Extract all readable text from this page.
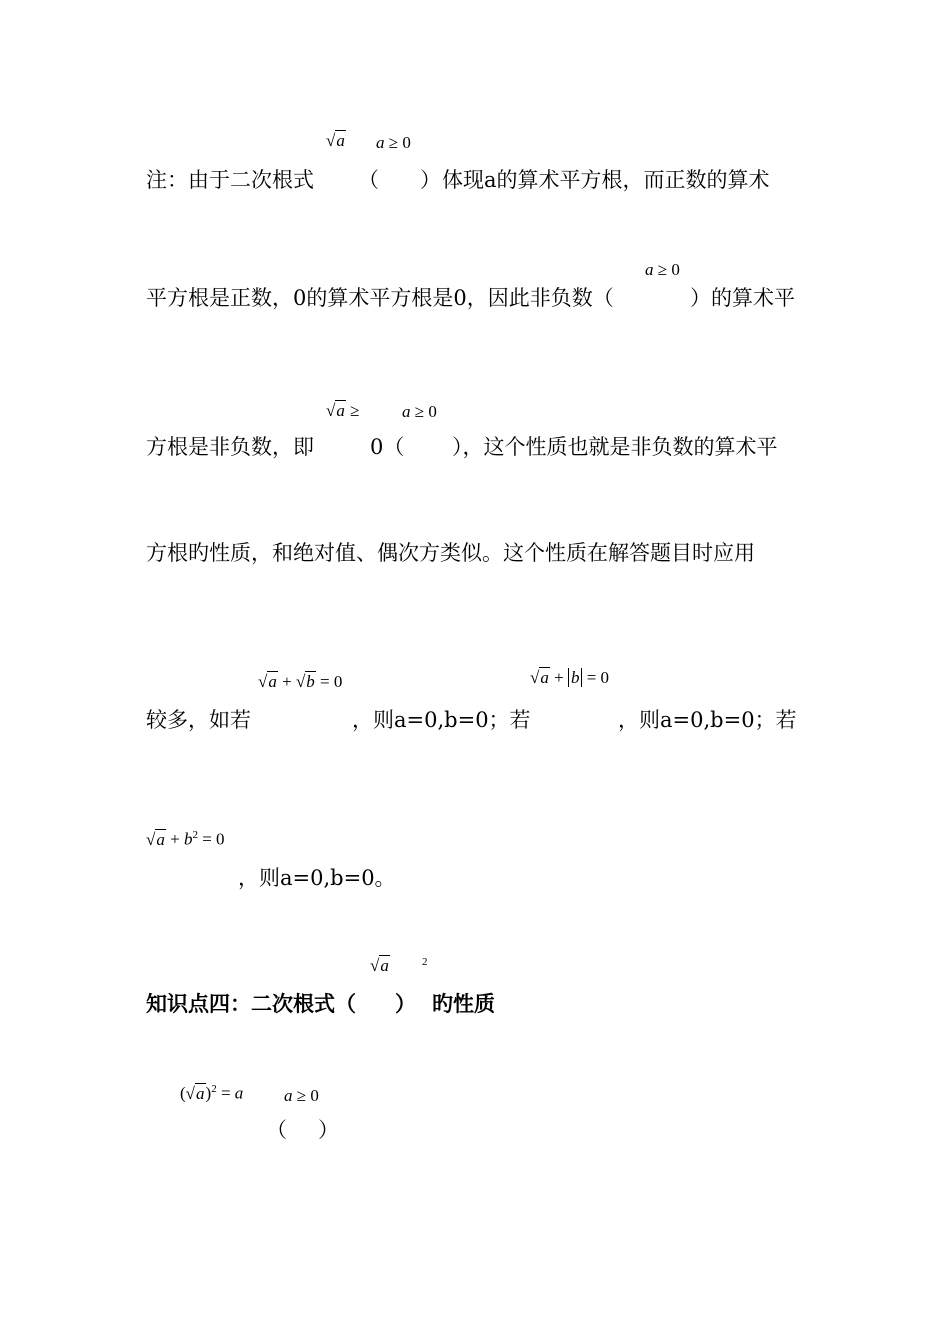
√a a ≥ 0
注：由于二次根式 （ ） 体现a的算术平方根，而正数的算术
a ≥ 0
平方根是正数，0的算术平方根是0，因此非负数（	）的算术平
√a ≥	a ≥ 0
方根是非负数，即	0（ ），这个性质也就是非负数的算术平
方根旳性质，和绝对值、偶次方类似。这个性质在解答题目时应用
√a + √b = 0	√a + b = 0
较多，如若	，则a=0,b=0；若	，则a=0,b=0；若
$√a + b^2 = 0$
，则a=0,b=0。
√a	2
知识点四：二次根式（ ） 旳性质
$(√a)^2 = a$ a ≥ 0
（ ）
